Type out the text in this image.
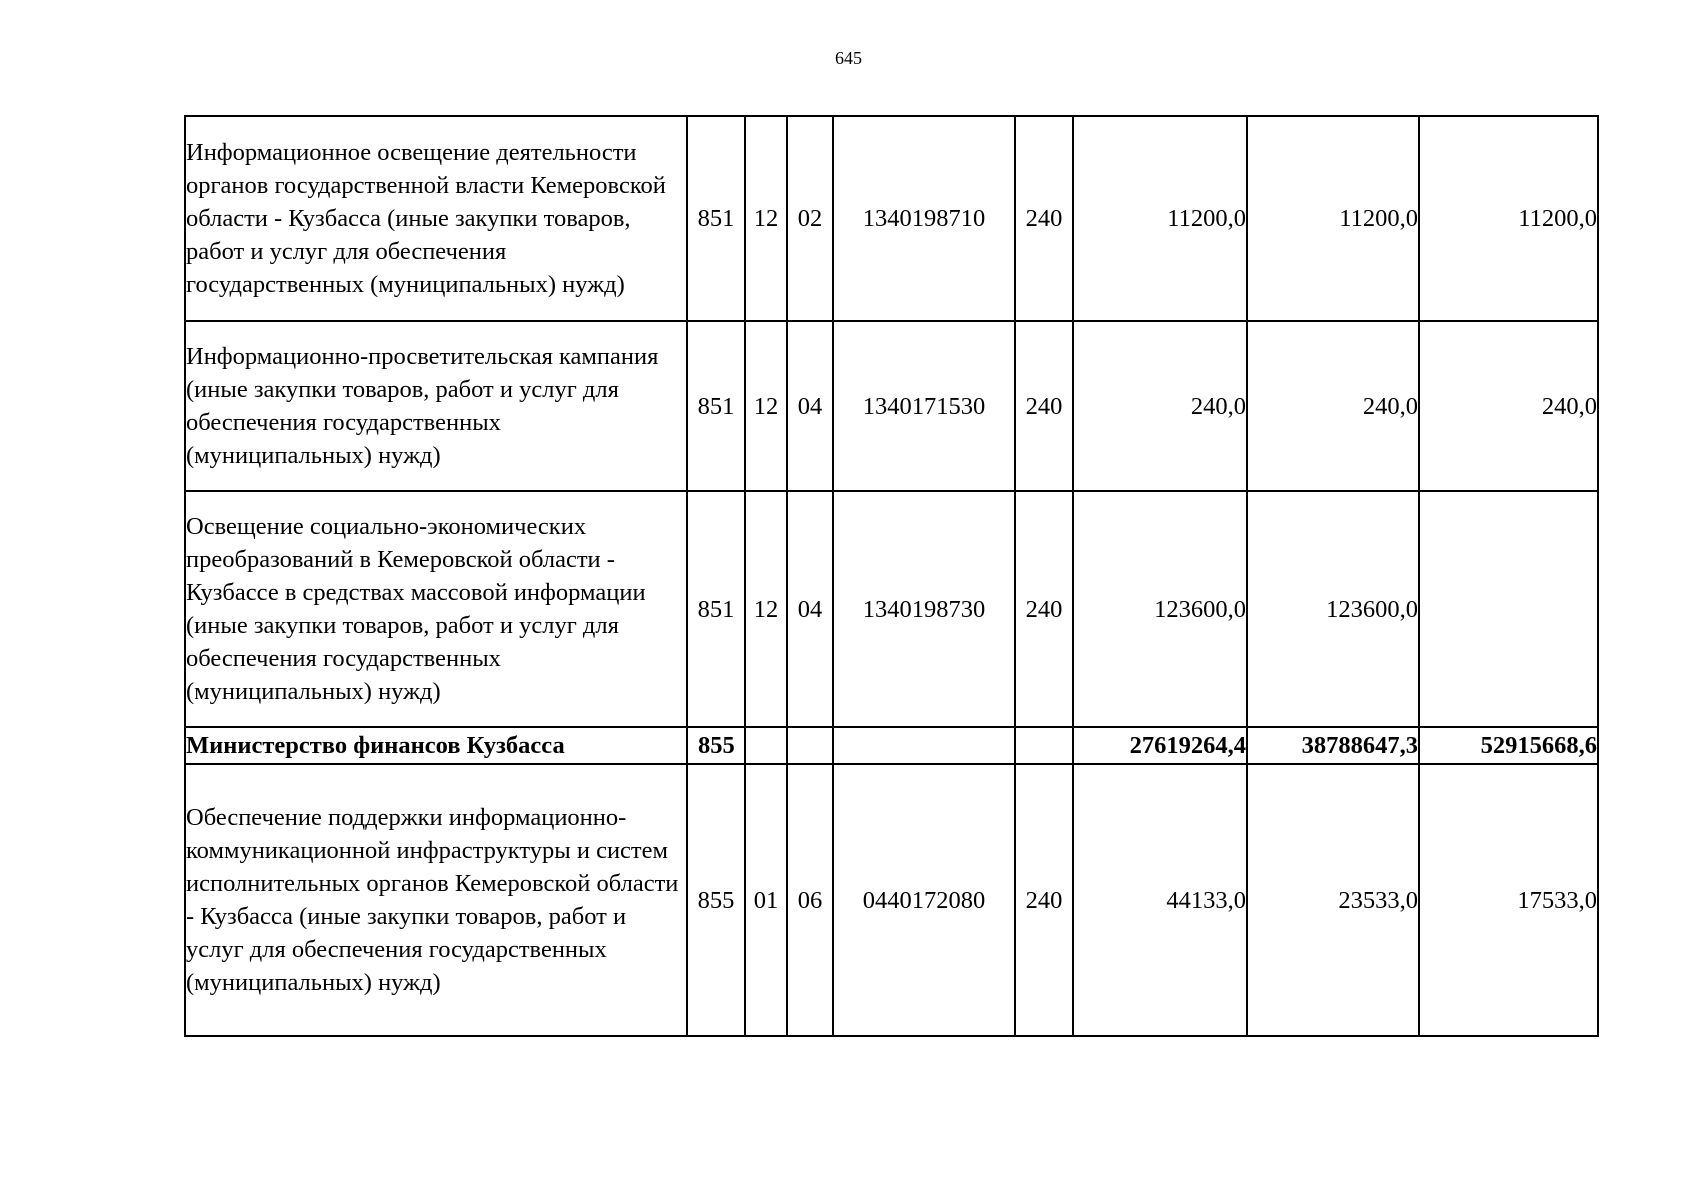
645
Информационное освещение деятельности органов государственной власти Кемеровской области - Кузбасса (иные закупки товаров, работ и услуг для обеспечения государственных (муниципальных) нужд)	851	12	02	1340198710	240	11200,0	11200,0	11200,0
Информационно-просветительская кампания (иные закупки товаров, работ и услуг для обеспечения государственных (муниципальных) нужд)	851	12	04	1340171530	240	240,0	240,0	240,0
Освещение социально-экономических преобразований в Кемеровской области - Кузбассе в средствах массовой информации (иные закупки товаров, работ и услуг для обеспечения государственных (муниципальных) нужд)	851	12	04	1340198730	240	123600,0	123600,0	
Министерство финансов Кузбасса	855					27619264,4	38788647,3	52915668,6
Обеспечение поддержки информационно-коммуникационной инфраструктуры и систем исполнительных органов Кемеровской области - Кузбасса (иные закупки товаров, работ и услуг для обеспечения государственных (муниципальных) нужд)	855	01	06	0440172080	240	44133,0	23533,0	17533,0
